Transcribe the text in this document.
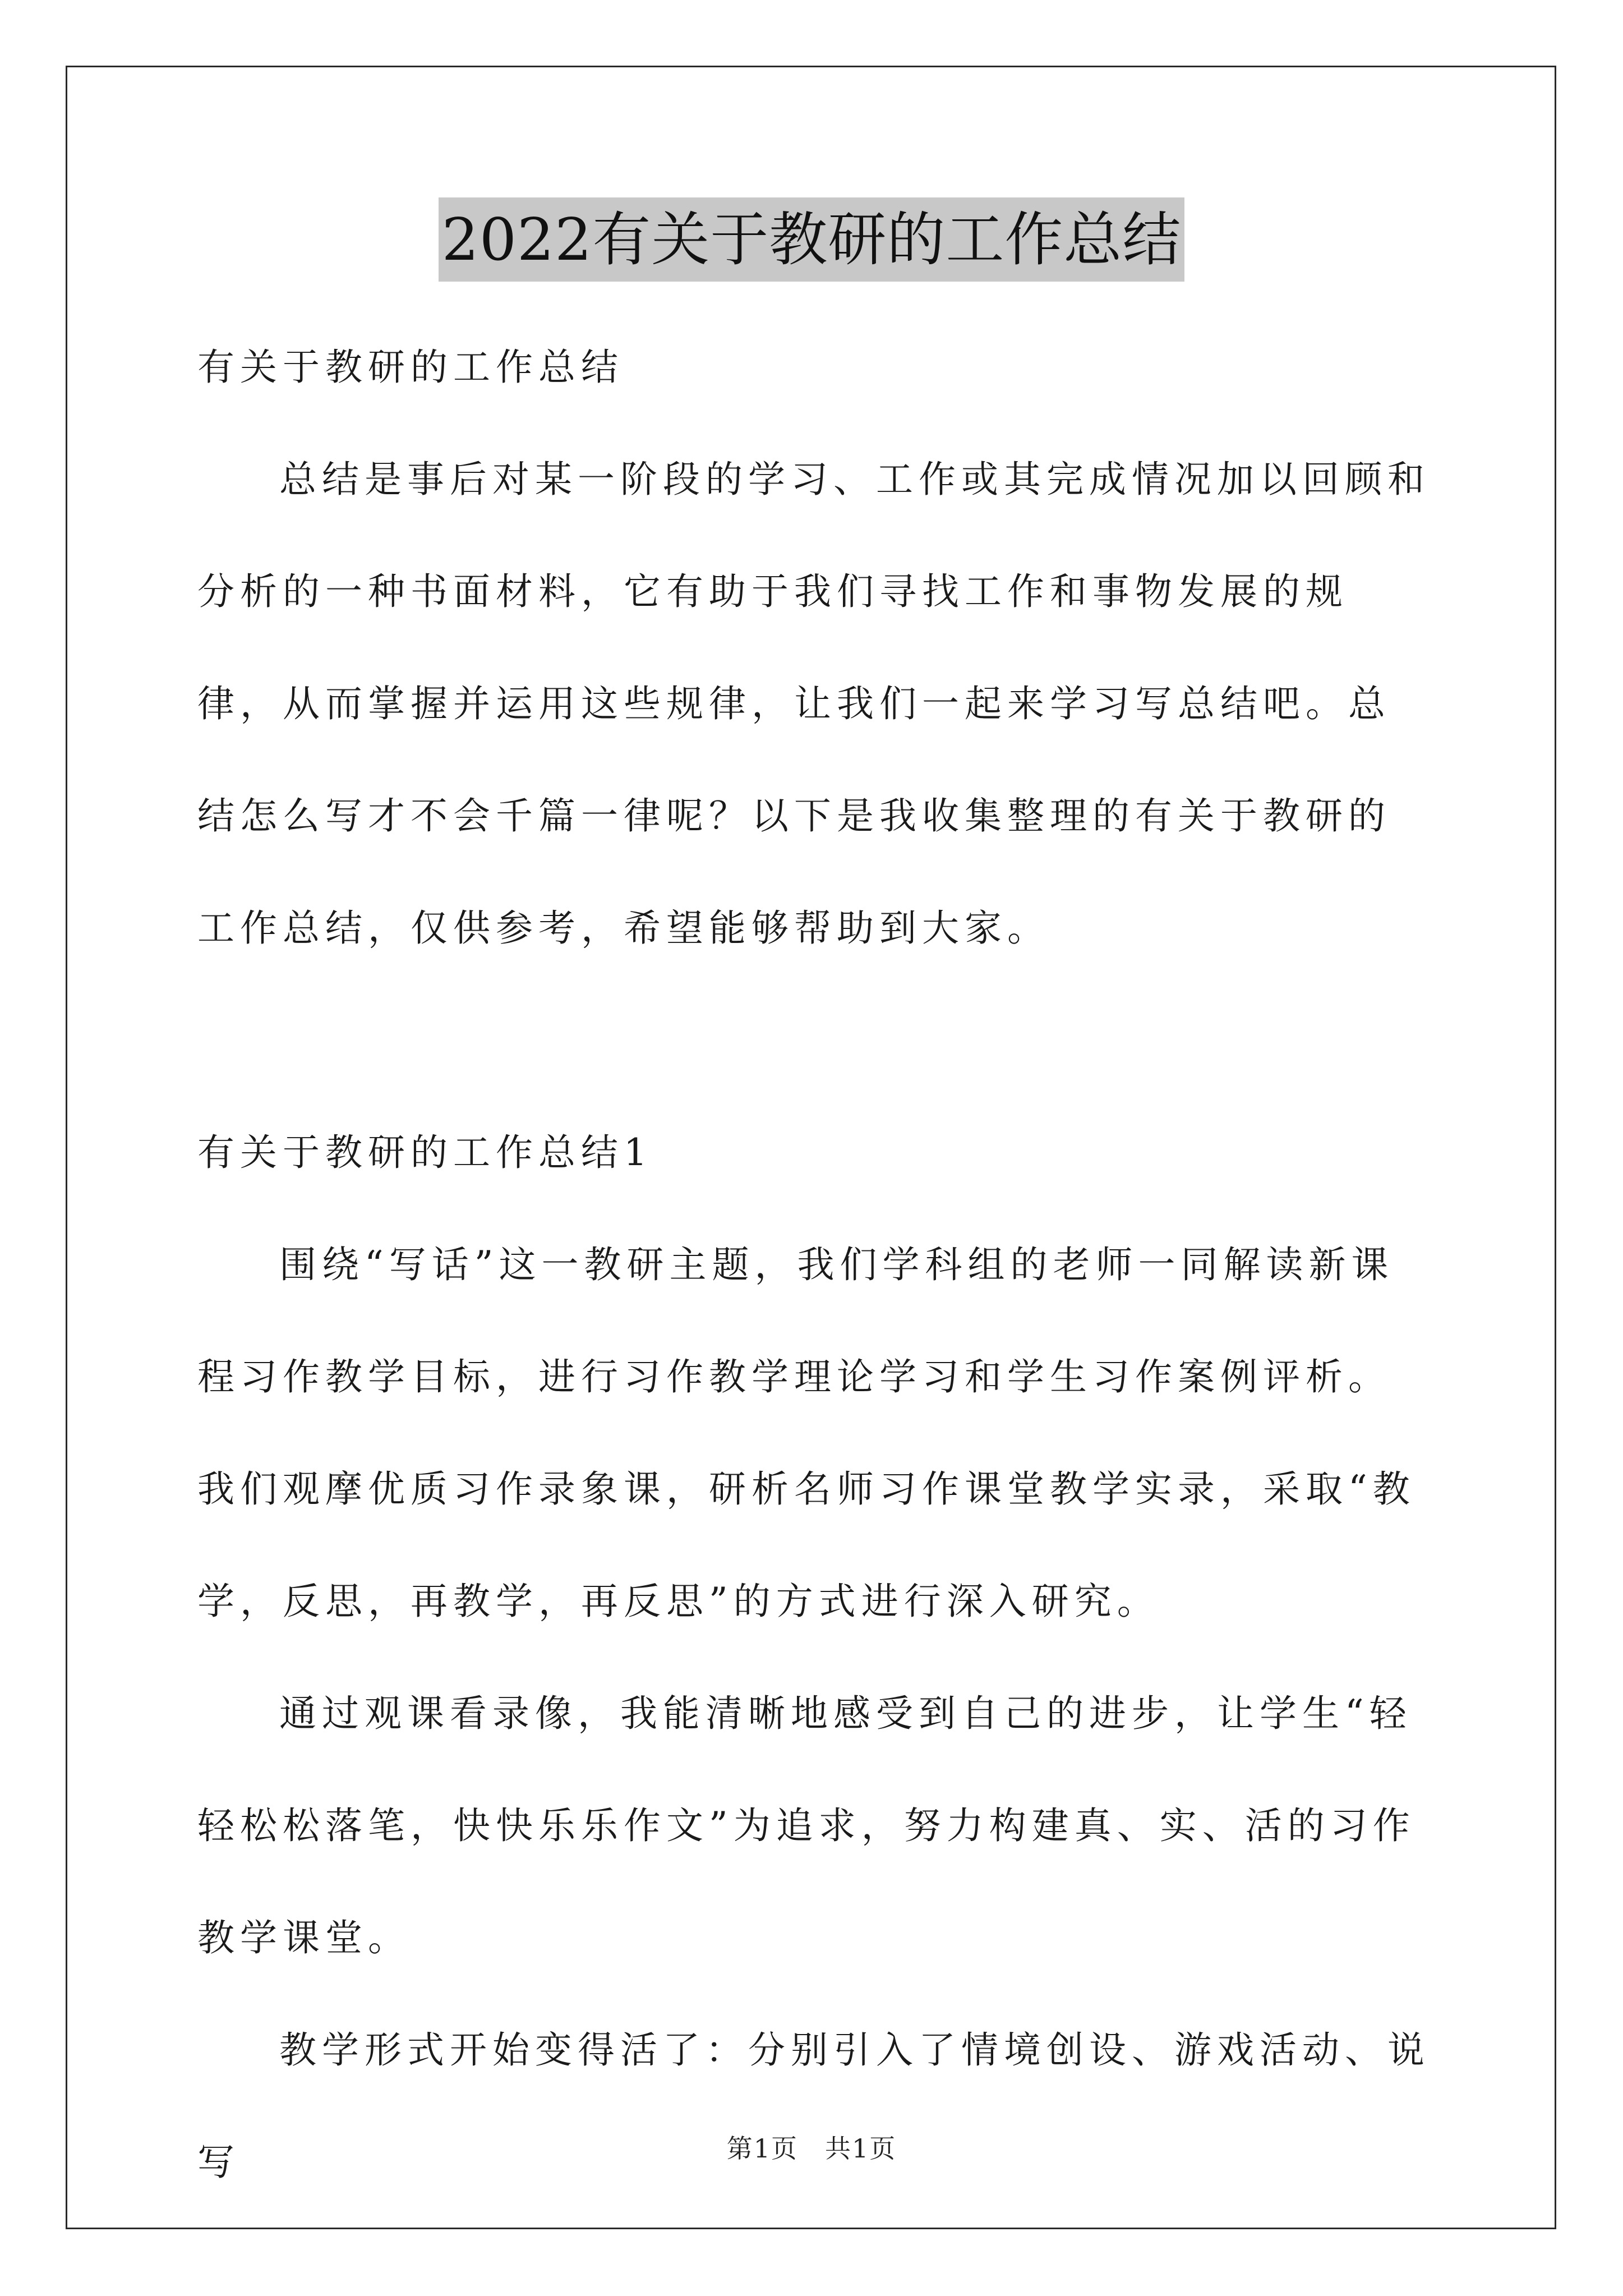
2022有关于教研的工作总结

有关于教研的工作总结

总结是事后对某一阶段的学习、工作或其完成情况加以回顾和分析的一种书面材料，它有助于我们寻找工作和事物发展的规律，从而掌握并运用这些规律，让我们一起来学习写总结吧。总结怎么写才不会千篇一律呢？以下是我收集整理的有关于教研的工作总结，仅供参考，希望能够帮助到大家。

有关于教研的工作总结1

围绕“写话”这一教研主题，我们学科组的老师一同解读新课程习作教学目标，进行习作教学理论学习和学生习作案例评析。我们观摩优质习作录象课，研析名师习作课堂教学实录，采取“教学，反思，再教学，再反思”的方式进行深入研究。

通过观课看录像，我能清晰地感受到自己的进步，让学生“轻轻松松落笔，快快乐乐作文”为追求，努力构建真、实、活的习作教学课堂。

教学形式开始变得活了：分别引入了情境创设、游戏活动、说写	第1页 共1页
